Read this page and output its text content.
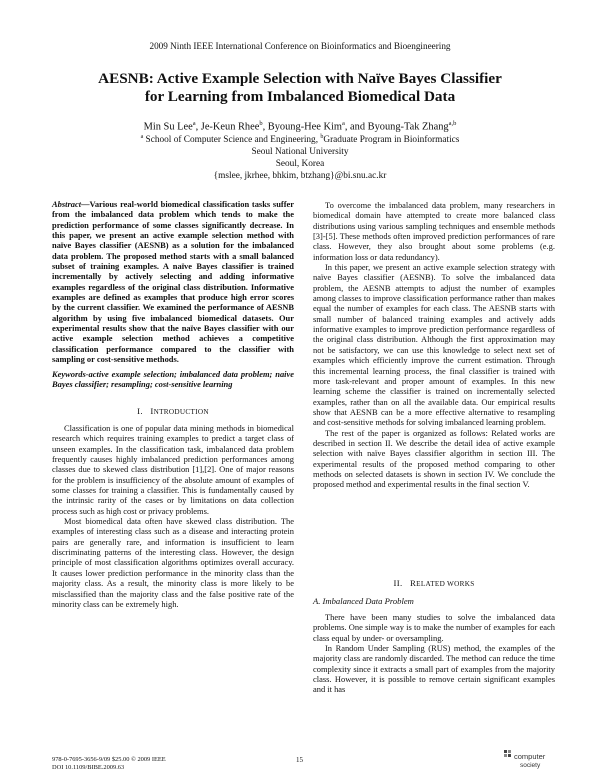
2009 Ninth IEEE International Conference on Bioinformatics and Bioengineering
AESNB: Active Example Selection with Naïve Bayes Classifier
for Learning from Imbalanced Biomedical Data
Min Su Lee$^a$, Je-Keun Rhee$^b$, Byoung-Hee Kim$^a$, and Byoung-Tak Zhang$^{a,b}$
$^a$ School of Computer Science and Engineering, $^b$Graduate Program in Bioinformatics
Seoul National University
Seoul, Korea
{mslee, jkrhee, bhkim, btzhang}@bi.snu.ac.kr
Abstract—Various real-world biomedical classification tasks suffer from the imbalanced data problem which tends to make the prediction performance of some classes significantly decrease. In this paper, we present an active example selection method with naïve Bayes classifier (AESNB) as a solution for the imbalanced data problem. The proposed method starts with a small balanced subset of training examples. A naïve Bayes classifier is trained incrementally by actively selecting and adding informative examples regardless of the original class distribution. Informative examples are defined as examples that produce high error scores by the current classifier. We examined the performance of AESNB algorithm by using five imbalanced biomedical datasets. Our experimental results show that the naïve Bayes classifier with our active example selection method achieves a competitive classification performance compared to the classifier with sampling or cost-sensitive methods.
Keywords-active example selection; imbalanced data problem; naive Bayes classifier; resampling; cost-sensitive learning
I. INTRODUCTION

Classification is one of popular data mining methods in biomedical research which requires training examples to predict a target class of unseen examples. In the classification task, imbalanced data problem frequently causes highly imbalanced prediction performances among classes due to skewed class distribution [1],[2]. One of major reasons for the problem is insufficiency of the absolute amount of examples of some classes for training a classifier. This is fundamentally caused by the intrinsic rarity of the cases or by limitations on data collection process such as high cost or privacy problems.

Most biomedical data often have skewed class distribution. The examples of interesting class such as a disease and interacting protein pairs are generally rare, and information is insufficient to learn discriminating patterns of the interesting class. However, the design principle of most classification algorithms optimizes overall accuracy. It causes lower prediction performance in the minority class than the majority class. As a result, the minority class is more likely to be misclassified than the majority class and the false positive rate of the minority class can be extremely high.

To overcome the imbalanced data problem, many researchers in biomedical domain have attempted to create more balanced class distributions using various sampling techniques and ensemble methods [3]-[5]. These methods often improved prediction performances of rare class. However, they also brought about some problems (e.g. information loss or data redundancy).

In this paper, we present an active example selection strategy with naïve Bayes classifier (AESNB). To solve the imbalanced data problem, the AESNB attempts to adjust the number of examples among classes to improve classification performance rather than makes equal the number of examples for each class. The AESNB starts with small number of balanced training examples and actively adds informative examples to improve prediction performance regardless of the original class distribution. Although the first approximation may not be satisfactory, we can use this knowledge to select next set of examples which efficiently improve the current estimation. Through this incremental learning process, the final classifier is trained with more task-relevant and proper amount of examples. In this new learning scheme the classifier is trained on incrementally selected examples, rather than on all the available data. Our empirical results show that AESNB can be a more effective alternative to resampling and cost-sensitive methods for solving imbalanced learning problem.

The rest of the paper is organized as follows: Related works are described in section II. We describe the detail idea of active example selection with naïve Bayes classifier algorithm in section III. The experimental results of the proposed method comparing to other methods on selected datasets is shown in section IV. We conclude the proposed method and experimental results in the final section V.

II. RELATED WORKS
A. Imbalanced Data Problem

There have been many studies to solve the imbalanced data problems. One simple way is to make the number of examples for each class equal by under- or oversampling.

In Random Under Sampling (RUS) method, the examples of the majority class are randomly discarded. The method can reduce the time complexity since it extracts a small part of examples from the majority class. However, it is possible to remove certain significant examples and it has

978-0-7695-3656-9/09 $25.00 © 2009 IEEE
DOI 10.1109/BIBE.2009.63
15	computer
society
